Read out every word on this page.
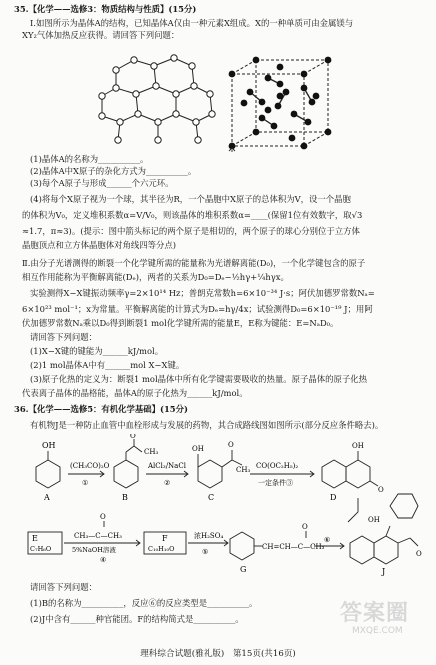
35.【化学——选修3：物质结构与性质】(15分)
Ⅰ.如图所示为晶体A的结构，已知晶体A仅由一种元素X组成。X的一种单质可由金属镁与
XY₂气体加热反应获得。请回答下列问题：
(1)晶体A的名称为__________。
(2)晶体A中X原子的杂化方式为__________。
(3)每个A原子与形成______个六元环。
(4)将每个X原子视为一个球，其半径为R，一个晶胞中X原子的总体积为V，设一个晶胞
的体积为V₀，定义堆积系数α=V/V₀，则该晶体的堆积系数α=____(保留1位有效数字，取√3
≈1.7，π≈3)。(提示：图中箭头标记的两个原子是相切的，两个原子的球心分别位于立方体
晶胞顶点和立方体晶胞体对角线四等分点)
Ⅱ.由分子光谱测得的断裂一个化学键所需的能量称为光谱解离能(D₀)，一个化学键包含的原子
相互作用能称为平衡解离能(Dₑ)，两者的关系为D₀=Dₑ−½hγ+¼hγx。
实验测得X−X键振动频率γ=2×10¹⁴ Hz；普朗克常数h=6×10⁻³⁴ J·s；阿伏加德罗常数Nₐ=
6×10²³ mol⁻¹；x为常量。平衡解离能的计算式为Dₑ=hγ/4x；试验测得D₀=6×10⁻¹⁹ J；用阿
伏加德罗常数Nₐ乘以D₀得到断裂1 mol化学键所需的能量E，E称为键能：E=NₐD₀。
请回答下列问题：
(1)X−X键的键能为______kJ/mol。
(2)1 mol晶体A中有______mol X−X键。
(3)原子化热的定义为：断裂1 mol晶体中所有化学键需要吸收的热量。原子晶体的原子化热
代表离子晶体的晶格能，晶体A的原子化热为______kJ/mol。
36.【化学——选修5：有机化学基础】(15分)
有机物J是一种防止血管中血栓形成与发展的药物，其合成路线图如图所示(部分反应条件略去)。
OH
A
(CH₃CO)₂O
①
O
CH₃
B
AlCl₃/NaCl
②
OH	O
CH₃
C
CO(OC₂H₅)₂
一定条件③
OH
O
D
E
C₇H₆O
O
CH₃—C—CH₃
5%NaOH溶液
④
F
C₁₀H₁₀O
浓H₂SO₄
⑤
CH=CH—C—CH₃
O
G
⑥
OH
O
J
请回答下列问题：
(1)B的名称为__________，反应⑥的反应类型是__________。
(2)J中含有______种官能团。F的结构简式是__________。	答案圈
MXQE.COM
理科综合试题(雅礼版)　第15页(共16页)
